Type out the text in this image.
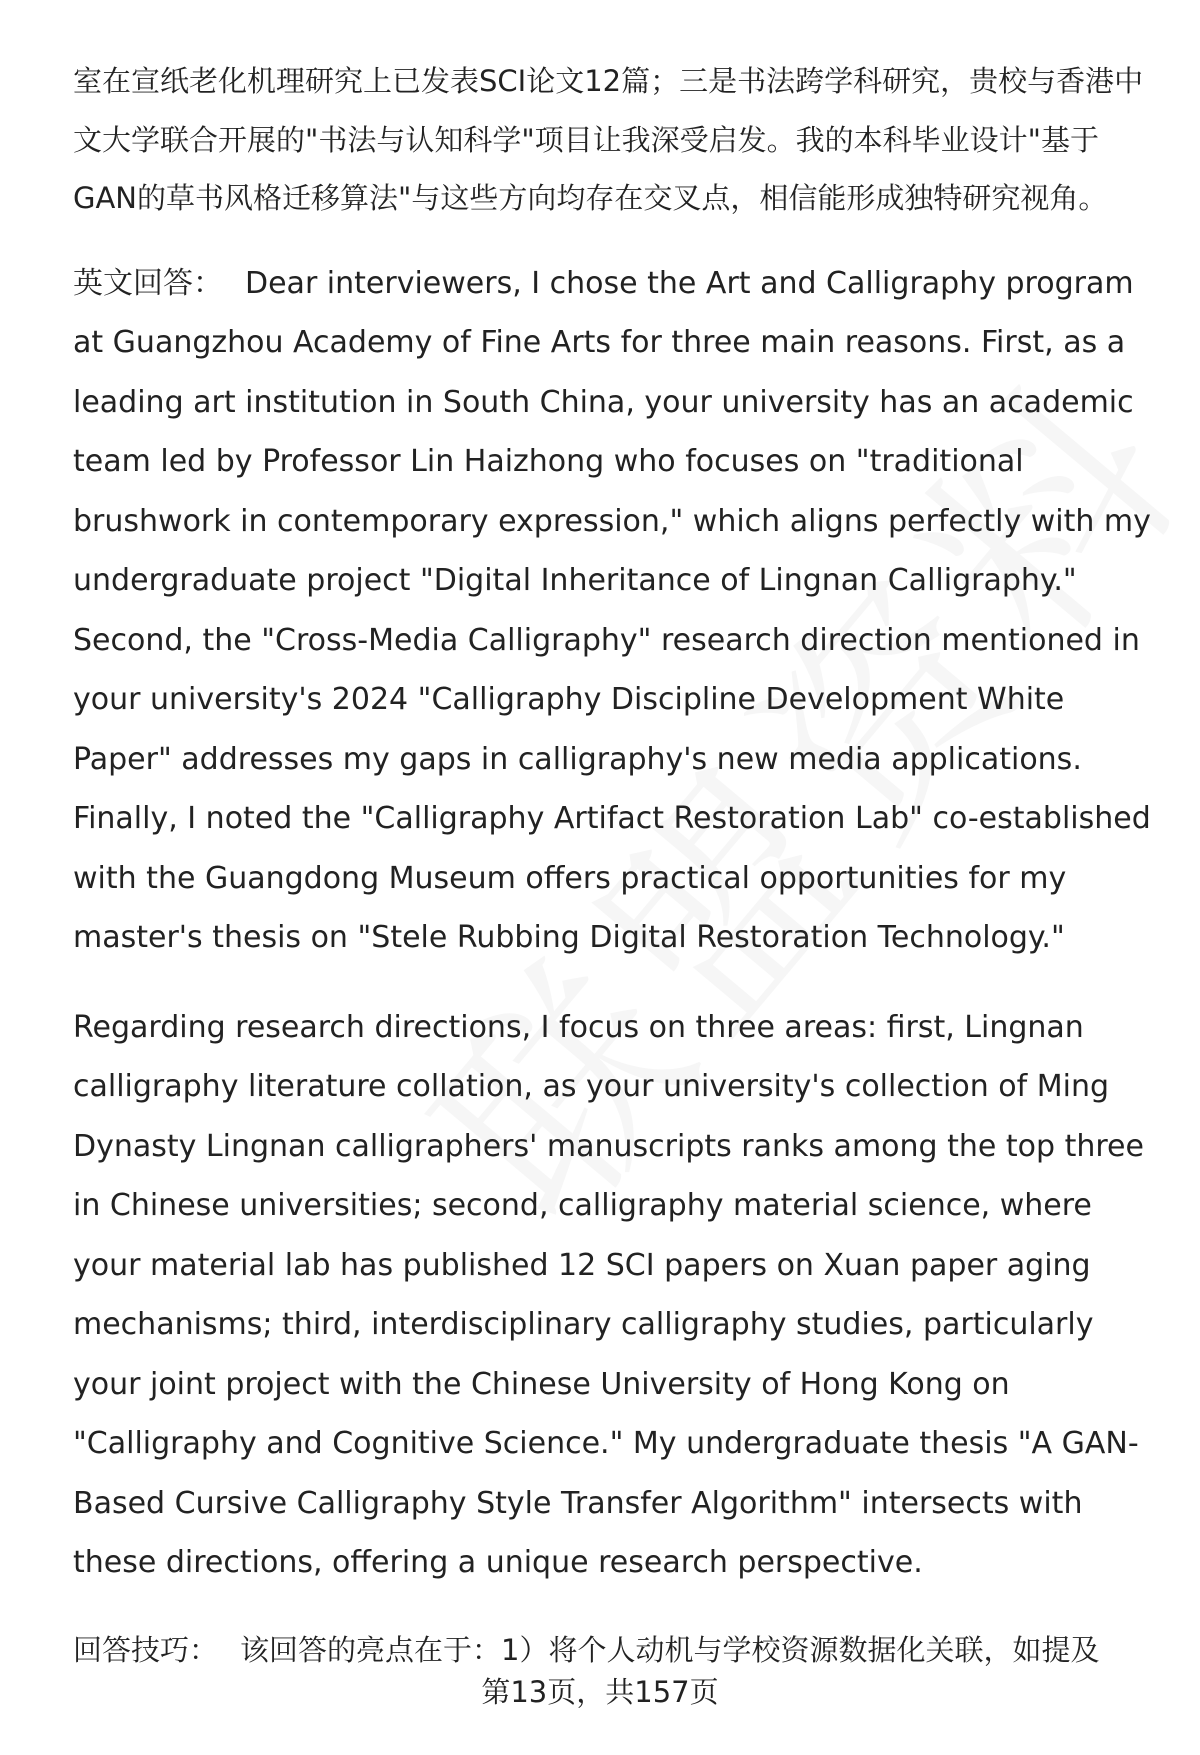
室在宣纸老化机理研究上已发表SCI论文12篇；三是书法跨学科研究，贵校与香港中文大学联合开展的"书法与认知科学"项目让我深受启发。我的本科毕业设计"基于GAN的草书风格迁移算法"与这些方向均存在交叉点，相信能形成独特研究视角。

英文回答： Dear interviewers, I chose the Art and Calligraphy program at Guangzhou Academy of Fine Arts for three main reasons. First, as a leading art institution in South China, your university has an academic team led by Professor Lin Haizhong who focuses on "traditional brushwork in contemporary expression," which aligns perfectly with my undergraduate project "Digital Inheritance of Lingnan Calligraphy." Second, the "Cross-Media Calligraphy" research direction mentioned in your university's 2024 "Calligraphy Discipline Development White Paper" addresses my gaps in calligraphy's new media applications. Finally, I noted the "Calligraphy Artifact Restoration Lab" co-established with the Guangdong Museum offers practical opportunities for my master's thesis on "Stele Rubbing Digital Restoration Technology."

Regarding research directions, I focus on three areas: first, Lingnan calligraphy literature collation, as your university's collection of Ming Dynasty Lingnan calligraphers' manuscripts ranks among the top three in Chinese universities; second, calligraphy material science, where your material lab has published 12 SCI papers on Xuan paper aging mechanisms; third, interdisciplinary calligraphy studies, particularly your joint project with the Chinese University of Hong Kong on "Calligraphy and Cognitive Science." My undergraduate thesis "A GAN-Based Cursive Calligraphy Style Transfer Algorithm" intersects with these directions, offering a unique research perspective.

回答技巧： 该回答的亮点在于：1）将个人动机与学校资源数据化关联，如提及

第13页，共157页
